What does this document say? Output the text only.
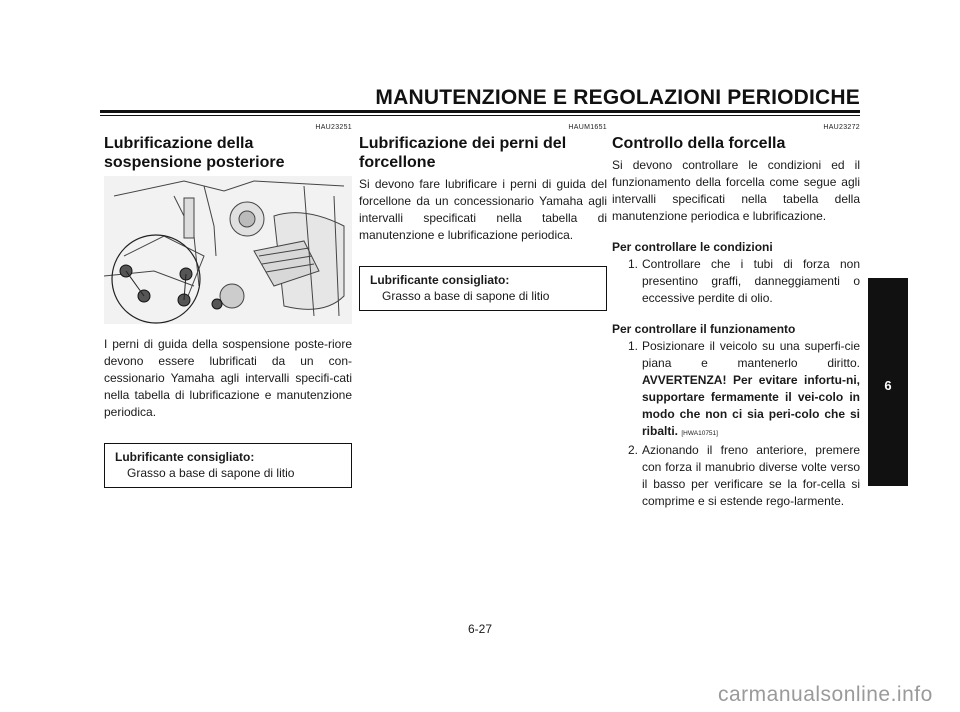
MANUTENZIONE E REGOLAZIONI PERIODICHE
HAU23251
Lubrificazione della
sospensione posteriore

I perni di guida della sospensione poste-riore devono essere lubrificati da un con-cessionario Yamaha agli intervalli specifi-cati nella tabella di lubrificazione e manutenzione periodica.

Lubrificante consigliato:
Grasso a base di sapone di litio
HAUM1651
Lubrificazione dei perni del
forcellone

Si devono fare lubrificare i perni di guida del forcellone da un concessionario Yamaha agli intervalli specificati nella tabella di manutenzione e lubrificazione periodica.

Lubrificante consigliato:
Grasso a base di sapone di litio
HAU23272
Controllo della forcella

Si devono controllare le condizioni ed il funzionamento della forcella come segue agli intervalli specificati nella tabella della manutenzione periodica e lubrificazione.

Per controllare le condizioni
1. Controllare che i tubi di forza non presentino graffi, danneggiamenti o eccessive perdite di olio.
Per controllare il funzionamento
1. Posizionare il veicolo su una superfi-cie piana e mantenerlo diritto. AVVERTENZA! Per evitare infortu-ni, supportare fermamente il vei-colo in modo che non ci sia peri-colo che si ribalti. [HWA10751]
2. Azionando il freno anteriore, premere con forza il manubrio diverse volte verso il basso per verificare se la for-cella si comprime e si estende rego-larmente.
6
6-27
carmanualsonline.info
